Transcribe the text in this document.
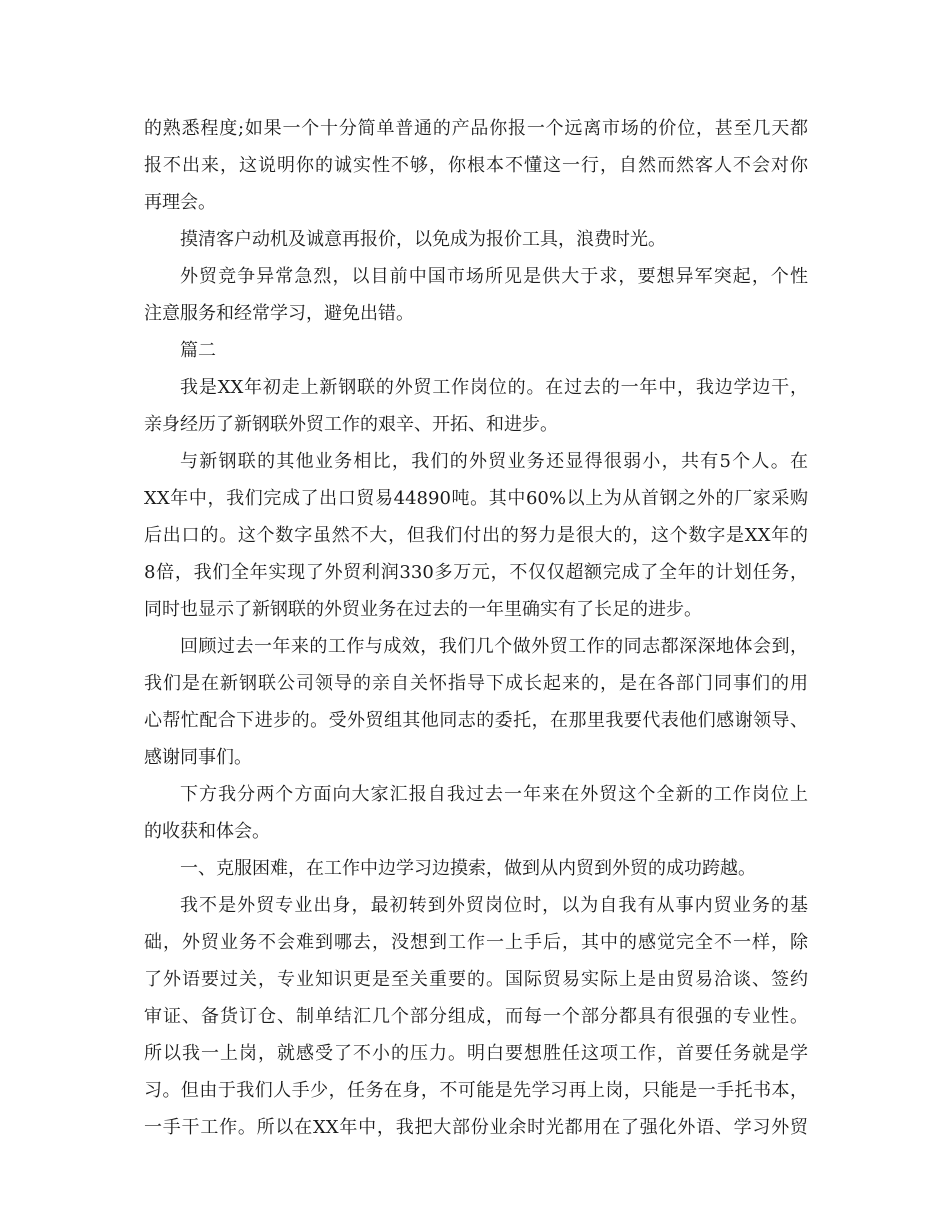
的熟悉程度;如果一个十分简单普通的产品你报一个远离市场的价位，甚至几天都
报不出来，这说明你的诚实性不够，你根本不懂这一行，自然而然客人不会对你
再理会。
摸清客户动机及诚意再报价，以免成为报价工具，浪费时光。
外贸竞争异常急烈，以目前中国市场所见是供大于求，要想异军突起，个性
注意服务和经常学习，避免出错。
篇二
我是XX年初走上新钢联的外贸工作岗位的。在过去的一年中，我边学边干，
亲身经历了新钢联外贸工作的艰辛、开拓、和进步。
与新钢联的其他业务相比，我们的外贸业务还显得很弱小，共有5个人。在
XX年中，我们完成了出口贸易44890吨。其中60%以上为从首钢之外的厂家采购
后出口的。这个数字虽然不大，但我们付出的努力是很大的，这个数字是XX年的
8倍，我们全年实现了外贸利润330多万元，不仅仅超额完成了全年的计划任务，
同时也显示了新钢联的外贸业务在过去的一年里确实有了长足的进步。
回顾过去一年来的工作与成效，我们几个做外贸工作的同志都深深地体会到，
我们是在新钢联公司领导的亲自关怀指导下成长起来的，是在各部门同事们的用
心帮忙配合下进步的。受外贸组其他同志的委托，在那里我要代表他们感谢领导、
感谢同事们。
下方我分两个方面向大家汇报自我过去一年来在外贸这个全新的工作岗位上
的收获和体会。
一、克服困难，在工作中边学习边摸索，做到从内贸到外贸的成功跨越。
我不是外贸专业出身，最初转到外贸岗位时，以为自我有从事内贸业务的基
础，外贸业务不会难到哪去，没想到工作一上手后，其中的感觉完全不一样，除
了外语要过关，专业知识更是至关重要的。国际贸易实际上是由贸易洽谈、签约
审证、备货订仓、制单结汇几个部分组成，而每一个部分都具有很强的专业性。
所以我一上岗，就感受了不小的压力。明白要想胜任这项工作，首要任务就是学
习。但由于我们人手少，任务在身，不可能是先学习再上岗，只能是一手托书本，
一手干工作。所以在XX年中，我把大部份业余时光都用在了强化外语、学习外贸
